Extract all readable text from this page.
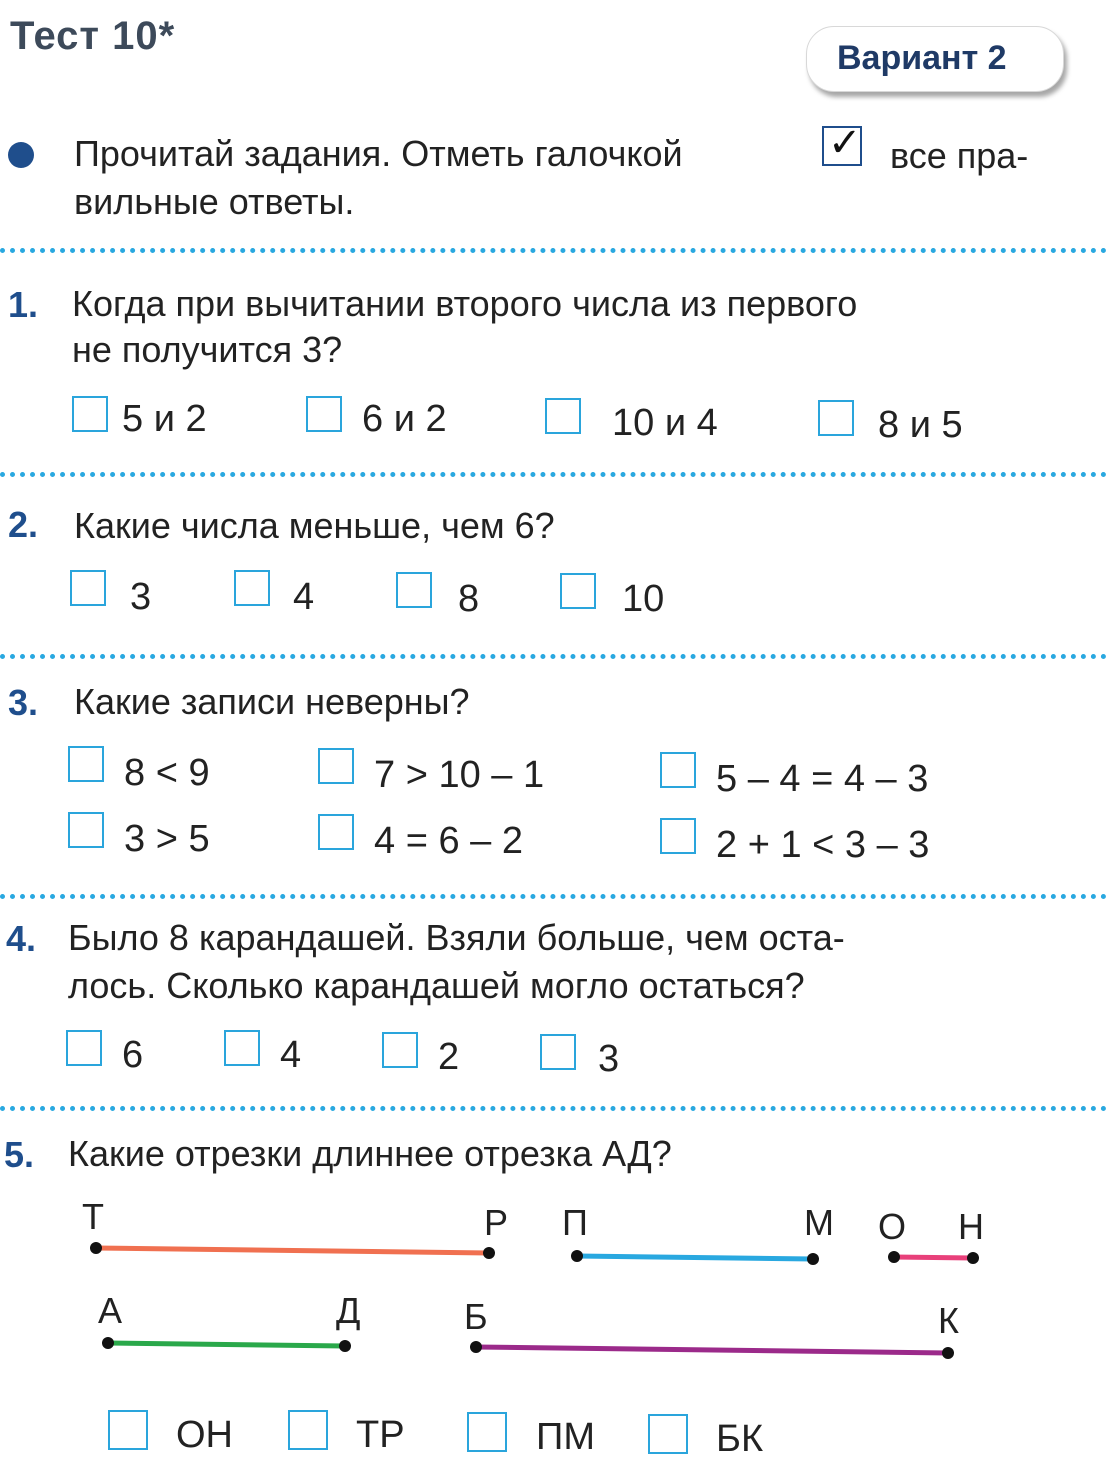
Тест 10*	Вариант 2
Прочитай задания. Отметь галочкой	✓ все пра-
вильные ответы.
1. Когда при вычитании второго числа из первого
не получится 3?
5 и 2	6 и 2	10 и 4	8 и 5
2. Какие числа меньше, чем 6?
3	4	8	10
3. Какие записи неверны?
8 < 9	7 > 10 – 1	5 – 4 = 4 – 3
3 > 5	4 = 6 – 2	2 + 1 < 3 – 3
4. Было 8 карандашей. Взяли больше, чем оста-
лось. Сколько карандашей могло остаться?
6	4	2	3
5. Какие отрезки длиннее отрезка АД?
Т	Р П	М О Н
А	Д	Б	К
ОН	ТР	ПМ	БК
